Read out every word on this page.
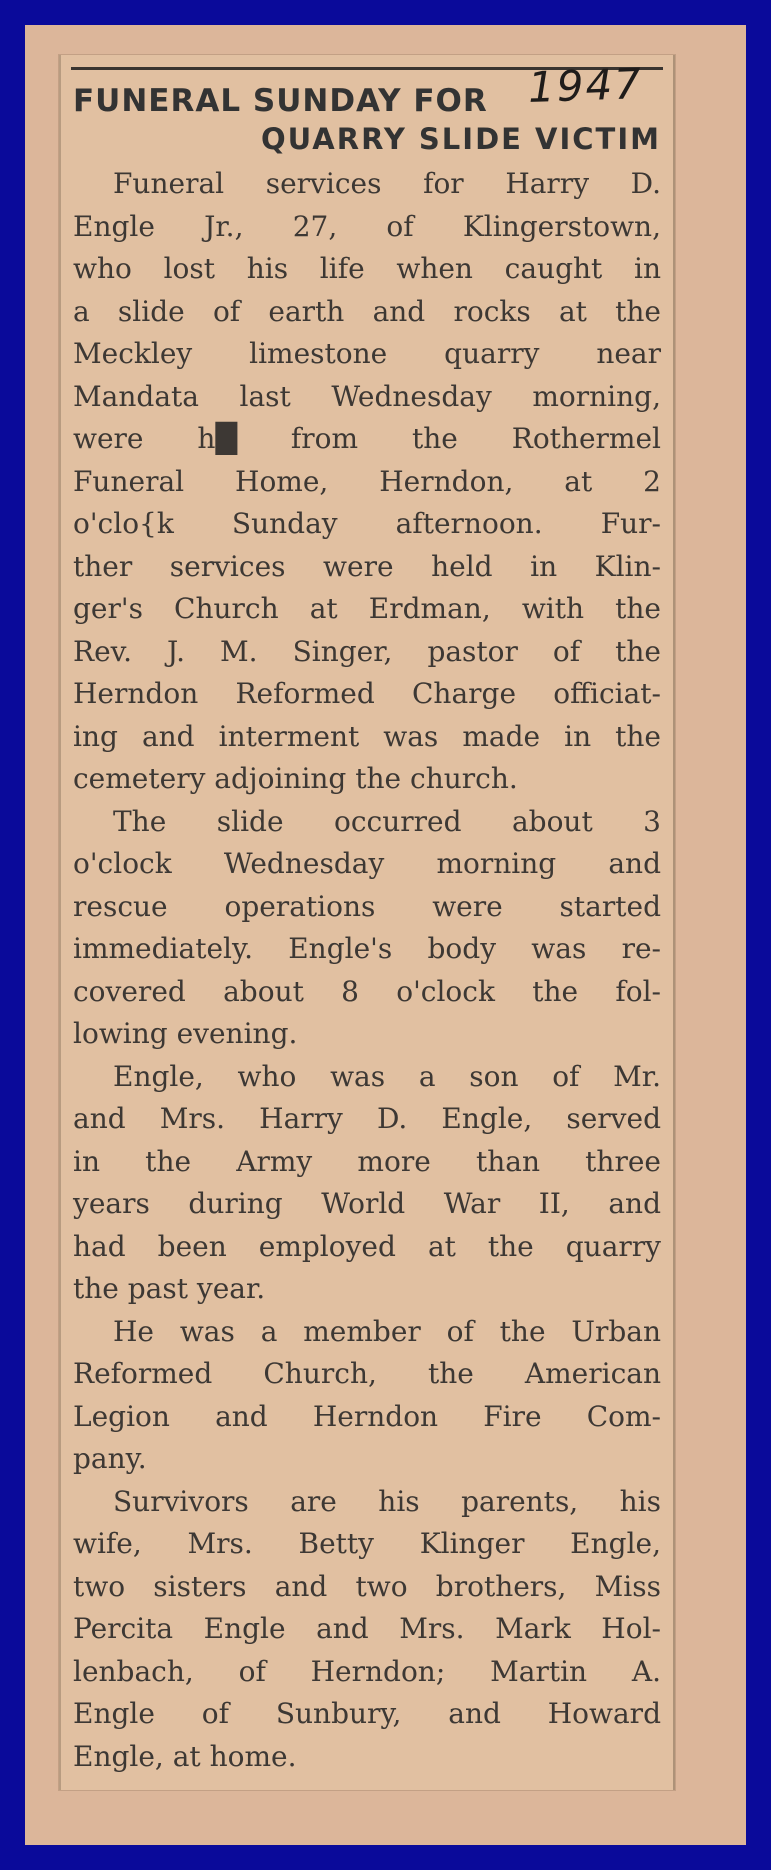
1947
FUNERAL SUNDAY FOR
QUARRY SLIDE VICTIM

Funeral services for Harry D.
Engle Jr., 27, of Klingerstown,
who lost his life when caught in
a slide of earth and rocks at the
Meckley limestone quarry near
Mandata last Wednesday morning,
were h█ from the Rothermel
Funeral Home, Herndon, at 2
o'clo{k Sunday afternoon. Fur-
ther services were held in Klin-
ger's Church at Erdman, with the
Rev. J. M. Singer, pastor of the
Herndon Reformed Charge officiat-
ing and interment was made in the
cemetery adjoining the church.

The slide occurred about 3
o'clock Wednesday morning and
rescue operations were started
immediately. Engle's body was re-
covered about 8 o'clock the fol-
lowing evening.

Engle, who was a son of Mr.
and Mrs. Harry D. Engle, served
in the Army more than three
years during World War II, and
had been employed at the quarry
the past year.

He was a member of the Urban
Reformed Church, the American
Legion and Herndon Fire Com-
pany.

Survivors are his parents, his
wife, Mrs. Betty Klinger Engle,
two sisters and two brothers, Miss
Percita Engle and Mrs. Mark Hol-
lenbach, of Herndon; Martin A.
Engle of Sunbury, and Howard
Engle, at home.
